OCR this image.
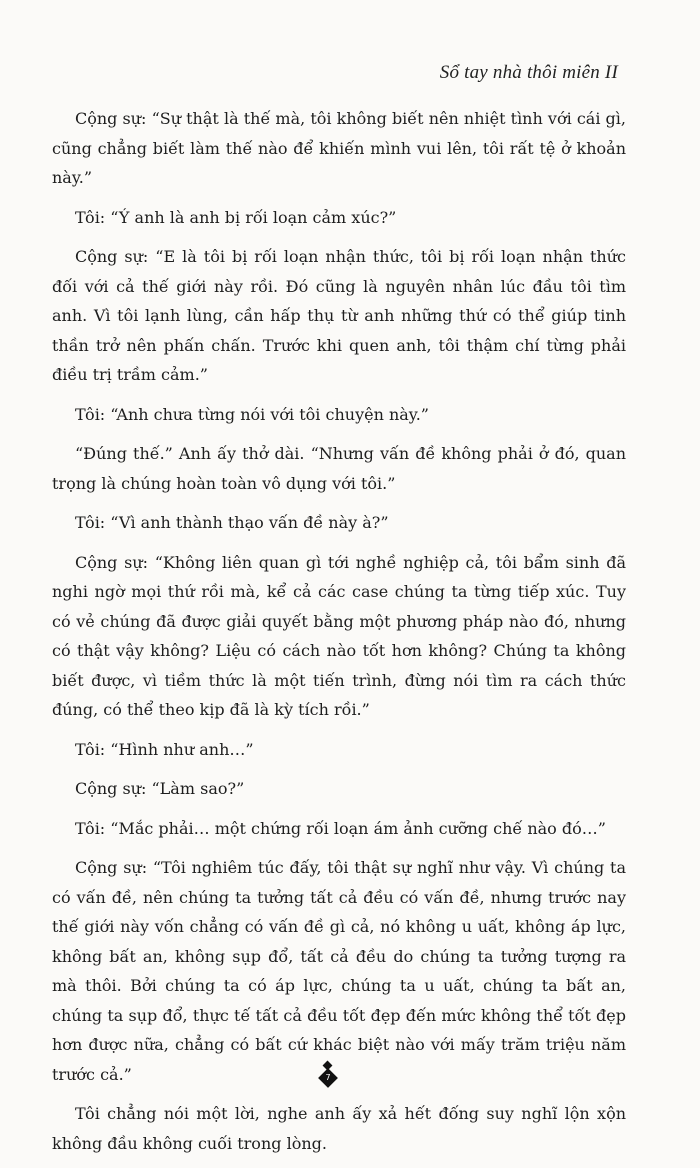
Sổ tay nhà thôi miên II

Cộng sự: “Sự thật là thế mà, tôi không biết nên nhiệt tình với cái gì, cũng chẳng biết làm thế nào để khiến mình vui lên, tôi rất tệ ở khoản này.”

Tôi: “Ý anh là anh bị rối loạn cảm xúc?”

Cộng sự: “E là tôi bị rối loạn nhận thức, tôi bị rối loạn nhận thức đối với cả thế giới này rồi. Đó cũng là nguyên nhân lúc đầu tôi tìm anh. Vì tôi lạnh lùng, cần hấp thụ từ anh những thứ có thể giúp tinh thần trở nên phấn chấn. Trước khi quen anh, tôi thậm chí từng phải điều trị trầm cảm.”

Tôi: “Anh chưa từng nói với tôi chuyện này.”

“Đúng thế.” Anh ấy thở dài. “Nhưng vấn đề không phải ở đó, quan trọng là chúng hoàn toàn vô dụng với tôi.”

Tôi: “Vì anh thành thạo vấn đề này à?”

Cộng sự: “Không liên quan gì tới nghề nghiệp cả, tôi bẩm sinh đã nghi ngờ mọi thứ rồi mà, kể cả các case chúng ta từng tiếp xúc. Tuy có vẻ chúng đã được giải quyết bằng một phương pháp nào đó, nhưng có thật vậy không? Liệu có cách nào tốt hơn không? Chúng ta không biết được, vì tiềm thức là một tiến trình, đừng nói tìm ra cách thức đúng, có thể theo kịp đã là kỳ tích rồi.”

Tôi: “Hình như anh…”

Cộng sự: “Làm sao?”

Tôi: “Mắc phải… một chứng rối loạn ám ảnh cưỡng chế nào đó…”

Cộng sự: “Tôi nghiêm túc đấy, tôi thật sự nghĩ như vậy. Vì chúng ta có vấn đề, nên chúng ta tưởng tất cả đều có vấn đề, nhưng trước nay thế giới này vốn chẳng có vấn đề gì cả, nó không u uất, không áp lực, không bất an, không sụp đổ, tất cả đều do chúng ta tưởng tượng ra mà thôi. Bởi chúng ta có áp lực, chúng ta u uất, chúng ta bất an, chúng ta sụp đổ, thực tế tất cả đều tốt đẹp đến mức không thể tốt đẹp hơn được nữa, chẳng có bất cứ khác biệt nào với mấy trăm triệu năm trước cả.”

Tôi chẳng nói một lời, nghe anh ấy xả hết đống suy nghĩ lộn xộn không đầu không cuối trong lòng.

7
